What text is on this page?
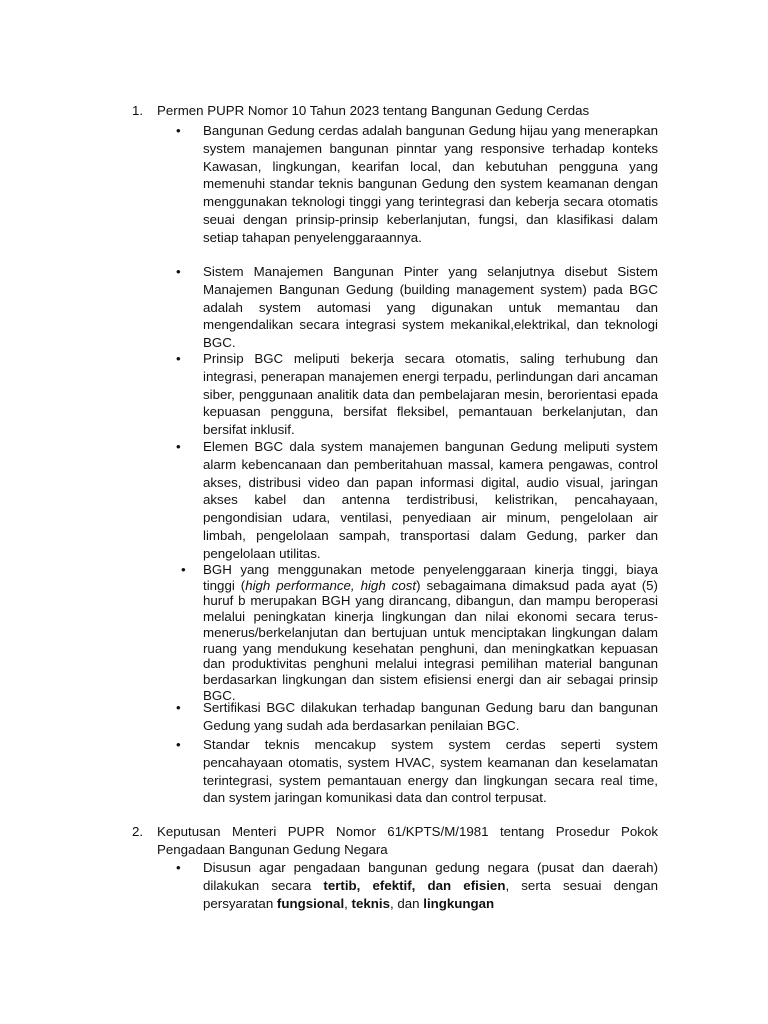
1. Permen PUPR Nomor 10 Tahun 2023 tentang Bangunan Gedung Cerdas
• Bangunan Gedung cerdas adalah bangunan Gedung hijau yang menerapkan system manajemen bangunan pinntar yang responsive terhadap konteks Kawasan, lingkungan, kearifan local, dan kebutuhan pengguna yang memenuhi standar teknis bangunan Gedung den system keamanan dengan menggunakan teknologi tinggi yang terintegrasi dan keberja secara otomatis seuai dengan prinsip-prinsip keberlanjutan, fungsi, dan klasifikasi dalam setiap tahapan penyelenggaraannya.
• Sistem Manajemen Bangunan Pinter yang selanjutnya disebut Sistem Manajemen Bangunan Gedung (building management system) pada BGC adalah system automasi yang digunakan untuk memantau dan mengendalikan secara integrasi system mekanikal,elektrikal, dan teknologi BGC.
• Prinsip BGC meliputi bekerja secara otomatis, saling terhubung dan integrasi, penerapan manajemen energi terpadu, perlindungan dari ancaman siber, penggunaan analitik data dan pembelajaran mesin, berorientasi epada kepuasan pengguna, bersifat fleksibel, pemantauan berkelanjutan, dan bersifat inklusif.
• Elemen BGC dala system manajemen bangunan Gedung meliputi system alarm kebencanaan dan pemberitahuan massal, kamera pengawas, control akses, distribusi video dan papan informasi digital, audio visual, jaringan akses kabel dan antenna terdistribusi, kelistrikan, pencahayaan, pengondisian udara, ventilasi, penyediaan air minum, pengelolaan air limbah, pengelolaan sampah, transportasi dalam Gedung, parker dan pengelolaan utilitas.
• BGH yang menggunakan metode penyelenggaraan kinerja tinggi, biaya tinggi (high performance, high cost) sebagaimana dimaksud pada ayat (5) huruf b merupakan BGH yang dirancang, dibangun, dan mampu beroperasi melalui peningkatan kinerja lingkungan dan nilai ekonomi secara terus-menerus/berkelanjutan dan bertujuan untuk menciptakan lingkungan dalam ruang yang mendukung kesehatan penghuni, dan meningkatkan kepuasan dan produktivitas penghuni melalui integrasi pemilihan material bangunan berdasarkan lingkungan dan sistem efisiensi energi dan air sebagai prinsip BGC.
• Sertifikasi BGC dilakukan terhadap bangunan Gedung baru dan bangunan Gedung yang sudah ada berdasarkan penilaian BGC.
• Standar teknis mencakup system system cerdas seperti system pencahayaan otomatis, system HVAC, system keamanan dan keselamatan terintegrasi, system pemantauan energy dan lingkungan secara real time, dan system jaringan komunikasi data dan control terpusat.
2. Keputusan Menteri PUPR Nomor 61/KPTS/M/1981 tentang Prosedur Pokok Pengadaan Bangunan Gedung Negara
• Disusun agar pengadaan bangunan gedung negara (pusat dan daerah) dilakukan secara tertib, efektif, dan efisien, serta sesuai dengan persyaratan fungsional, teknis, dan lingkungan
